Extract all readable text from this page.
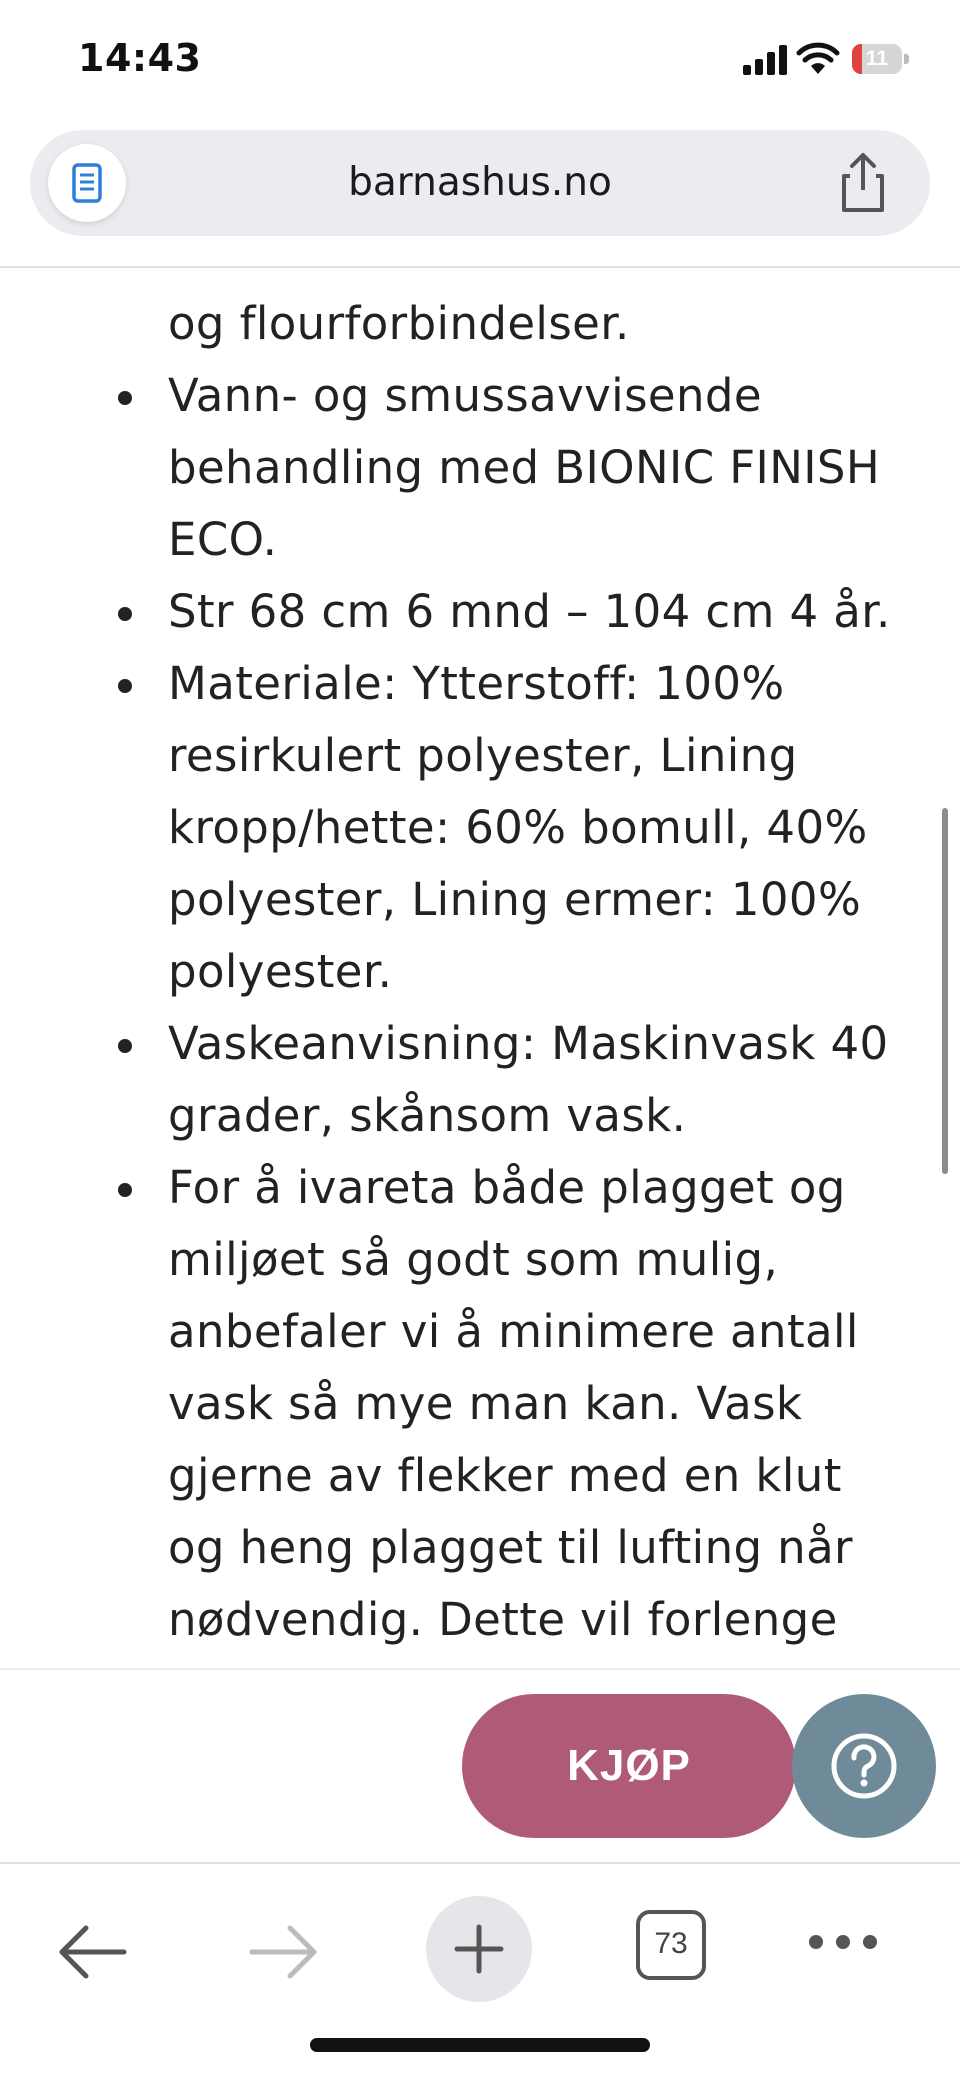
14:43	11
barnashus.no
og flourforbindelser.
Vann- og smussavvisende
behandling med BIONIC FINISH
ECO.
Str 68 cm 6 mnd – 104 cm 4 år.
Materiale: Ytterstoff: 100%
resirkulert polyester, Lining
kropp/hette: 60% bomull, 40%
polyester, Lining ermer: 100%
polyester.
Vaskeanvisning: Maskinvask 40
grader, skånsom vask.
For å ivareta både plagget og
miljøet så godt som mulig,
anbefaler vi å minimere antall
vask så mye man kan. Vask
gjerne av flekker med en klut
og heng plagget til lufting når
nødvendig. Dette vil forlenge
KJØP
73
